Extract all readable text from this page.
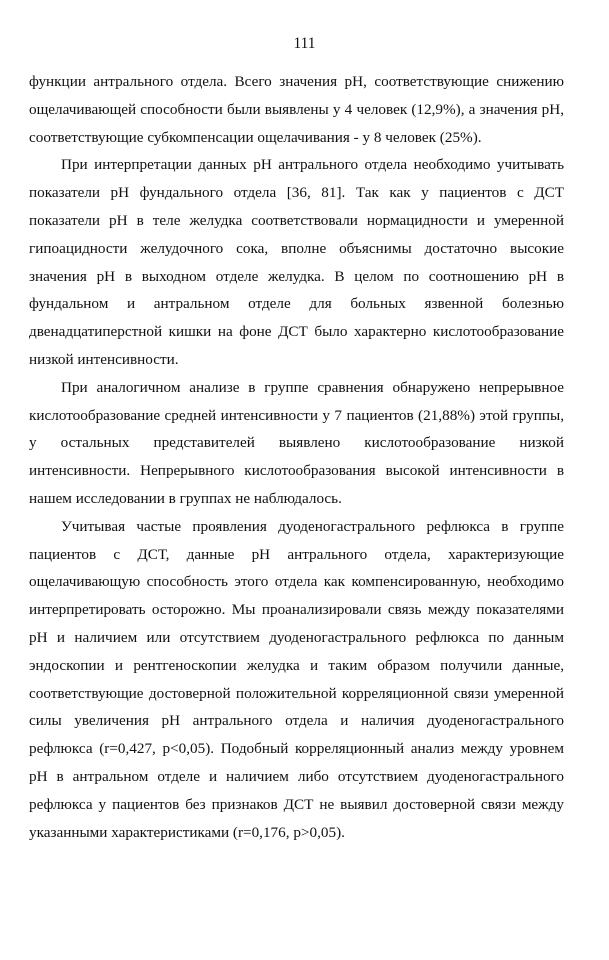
111

функции антрального отдела. Всего значения рН, соответствующие снижению ощелачивающей способности были выявлены у 4 человек (12,9%), а значения рН, соответствующие субкомпенсации ощелачивания - у 8 человек (25%).

При интерпретации данных рН антрального отдела необходимо учитывать показатели рН фундального отдела [36, 81]. Так как у пациентов с ДСТ показатели рН в теле желудка соответствовали нормацидности и умеренной гипоацидности желудочного сока, вполне объяснимы достаточно высокие значения рН в выходном отделе желудка. В целом по соотношению рН в фундальном и антральном отделе для больных язвенной болезнью двенадцатиперстной кишки на фоне ДСТ было характерно кислотообразование низкой интенсивности.

При аналогичном анализе в группе сравнения обнаружено непрерывное кислотообразование средней интенсивности у 7 пациентов (21,88%) этой группы, у остальных представителей выявлено кислотообразование низкой интенсивности. Непрерывного кислотообразования высокой интенсивности в нашем исследовании в группах не наблюдалось.

Учитывая частые проявления дуоденогастрального рефлюкса в группе пациентов с ДСТ, данные рН антрального отдела, характеризующие ощелачивающую способность этого отдела как компенсированную, необходимо интерпретировать осторожно. Мы проанализировали связь между показателями рН и наличием или отсутствием дуоденогастрального рефлюкса по данным эндоскопии и рентгеноскопии желудка и таким образом получили данные, соответствующие достоверной положительной корреляционной связи умеренной силы увеличения рН антрального отдела и наличия дуоденогастрального рефлюкса (r=0,427, p<0,05). Подобный корреляционный анализ между уровнем рН в антральном отделе и наличием либо отсутствием дуоденогастрального рефлюкса у пациентов без признаков ДСТ не выявил достоверной связи между указанными характеристиками (r=0,176, p>0,05).
